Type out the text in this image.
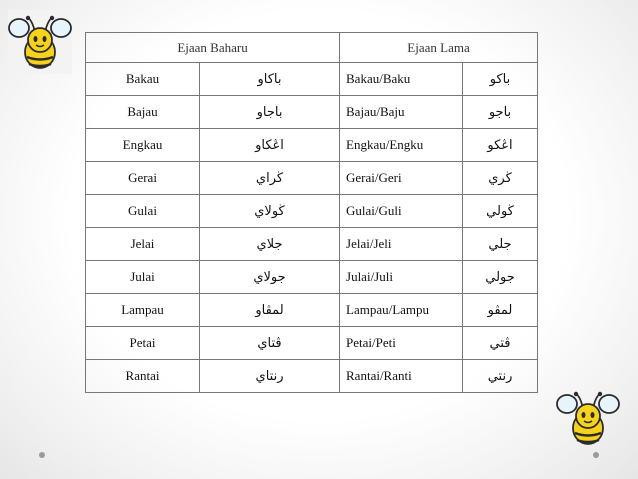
Ejaan Baharu		Ejaan Lama	
Bakau	باكاو	Bakau/Baku	باكو
Bajau	باجاو	Bajau/Baju	باجو
Engkau	اڠكاو	Engkau/Engku	اڠكو
Gerai	ڬراي	Gerai/Geri	ڬري
Gulai	ڬولاي	Gulai/Guli	ڬولي
Jelai	جلاي	Jelai/Jeli	جلي
Julai	جولاي	Julai/Juli	جولي
Lampau	لمڤاو	Lampau/Lampu	لمڤو
Petai	ڤتاي	Petai/Peti	ڤتي
Rantai	رنتاي	Rantai/Ranti	رنتي
